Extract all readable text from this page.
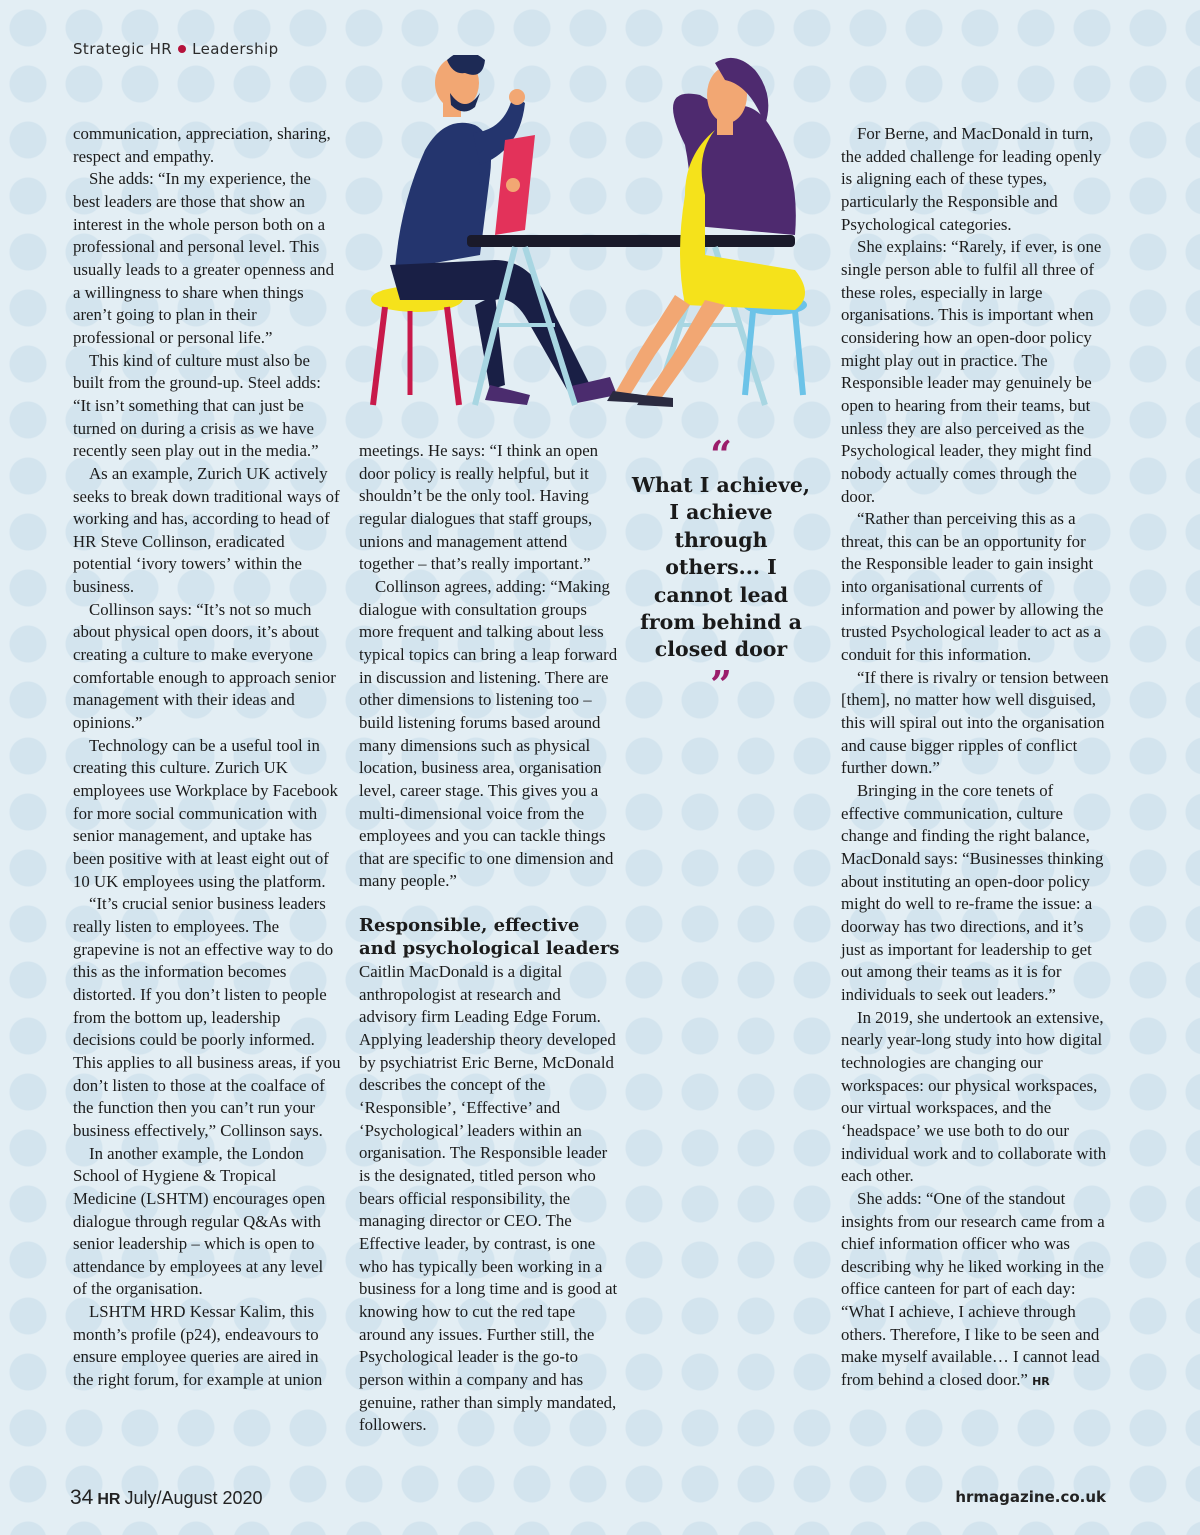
Strategic HR Leadership

communication, appreciation, sharing, respect and empathy.

She adds: “In my experience, the best leaders are those that show an interest in the whole person both on a professional and personal level. This usually leads to a greater openness and a willingness to share when things aren’t going to plan in their professional or personal life.”

This kind of culture must also be built from the ground-up. Steel adds: “It isn’t something that can just be turned on during a crisis as we have recently seen play out in the media.”

As an example, Zurich UK actively seeks to break down traditional ways of working and has, according to head of HR Steve Collinson, eradicated potential ‘ivory towers’ within the business.

Collinson says: “It’s not so much about physical open doors, it’s about creating a culture to make everyone comfortable enough to approach senior management with their ideas and opinions.”

Technology can be a useful tool in creating this culture. Zurich UK employees use Workplace by Facebook for more social communication with senior management, and uptake has been positive with at least eight out of 10 UK employees using the platform.

“It’s crucial senior business leaders really listen to employees. The grapevine is not an effective way to do this as the information becomes distorted. If you don’t listen to people from the bottom up, leadership decisions could be poorly informed. This applies to all business areas, if you don’t listen to those at the coalface of the function then you can’t run your business effectively,” Collinson says.

In another example, the London School of Hygiene & Tropical Medicine (LSHTM) encourages open dialogue through regular Q&As with senior leadership – which is open to attendance by employees at any level of the organisation.

LSHTM HRD Kessar Kalim, this month’s profile (p24), endeavours to ensure employee queries are aired in the right forum, for example at union

meetings. He says: “I think an open door policy is really helpful, but it shouldn’t be the only tool. Having regular dialogues that staff groups, unions and management attend together – that’s really important.”

Collinson agrees, adding: “Making dialogue with consultation groups more frequent and talking about less typical topics can bring a leap forward in discussion and listening. There are other dimensions to listening too – build listening forums based around many dimensions such as physical location, business area, organisation level, career stage. This gives you a multi-dimensional voice from the employees and you can tackle things that are specific to one dimension and many people.”

Responsible, effective and psychological leaders

Caitlin MacDonald is a digital anthropologist at research and advisory firm Leading Edge Forum. Applying leadership theory developed by psychiatrist Eric Berne, McDonald describes the concept of the ‘Responsible’, ‘Effective’ and ‘Psychological’ leaders within an organisation. The Responsible leader is the designated, titled person who bears official responsibility, the managing director or CEO. The Effective leader, by contrast, is one who has typically been working in a business for a long time and is good at knowing how to cut the red tape around any issues. Further still, the Psychological leader is the go-to person within a company and has genuine, rather than simply mandated, followers.

“
What I achieve, I achieve through others... I cannot lead from behind a closed door
”

For Berne, and MacDonald in turn, the added challenge for leading openly is aligning each of these types, particularly the Responsible and Psychological categories.

She explains: “Rarely, if ever, is one single person able to fulfil all three of these roles, especially in large organisations. This is important when considering how an open-door policy might play out in practice. The Responsible leader may genuinely be open to hearing from their teams, but unless they are also perceived as the Psychological leader, they might find nobody actually comes through the door.

“Rather than perceiving this as a threat, this can be an opportunity for the Responsible leader to gain insight into organisational currents of information and power by allowing the trusted Psychological leader to act as a conduit for this information.

“If there is rivalry or tension between [them], no matter how well disguised, this will spiral out into the organisation and cause bigger ripples of conflict further down.”

Bringing in the core tenets of effective communication, culture change and finding the right balance, MacDonald says: “Businesses thinking about instituting an open-door policy might do well to re-frame the issue: a doorway has two directions, and it’s just as important for leadership to get out among their teams as it is for individuals to seek out leaders.”

In 2019, she undertook an extensive, nearly year-long study into how digital technologies are changing our workspaces: our physical workspaces, our virtual workspaces, and the ‘headspace’ we use both to do our individual work and to collaborate with each other.

She adds: “One of the standout insights from our research came from a chief information officer who was describing why he liked working in the office canteen for part of each day: “What I achieve, I achieve through others. Therefore, I like to be seen and make myself available… I cannot lead from behind a closed door.” HR

34 HR July/August 2020	hrmagazine.co.uk
